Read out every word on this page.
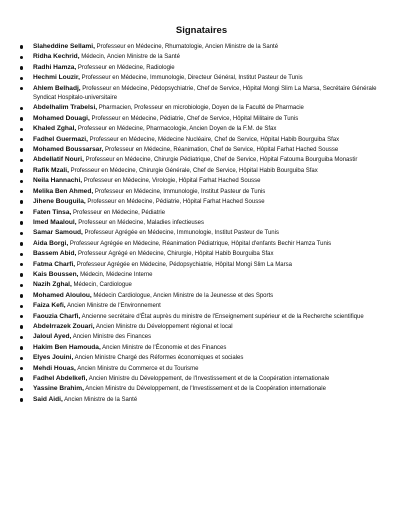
Signataires
Slaheddine Sellami, Professeur en Médecine, Rhumatologie, Ancien Ministre de la Santé
Ridha Kechrid, Médecin, Ancien Ministre de la Santé
Radhi Hamza, Professeur en Médecine, Radiologie
Hechmi Louzir, Professeur en Médecine, Immunologie, Directeur Général, Institut Pasteur de Tunis
Ahlem Belhadj, Professeur en Médecine, Pédopsychiatrie, Chef de Service, Hôpital Mongi Slim La Marsa, Secrétaire Générale Syndicat Hospitalo-universitaire
Abdelhalim Trabelsi, Pharmacien, Professeur en microbiologie, Doyen de la Faculté de Pharmacie
Mohamed Douagi, Professeur en Médecine, Pédiatrie, Chef de Service, Hôpital Militaire de Tunis
Khaled Zghal, Professeur en Médecine, Pharmacologie, Ancien Doyen de la F.M. de Sfax
Fadhel Guermazi, Professeur en Médecine, Médecine Nucléaire, Chef de Service, Hôpital Habib Bourguiba Sfax
Mohamed Boussarsar, Professeur en Médecine, Réanimation, Chef de Service, Hôpital Farhat Hached Sousse
Abdellatif Nouri, Professeur en Médecine, Chirurgie Pédiatrique, Chef de Service, Hôpital Fatouma Bourguiba Monastir
Rafik Mzali, Professeur en Médecine, Chirurgie Générale, Chef de Service, Hôpital Habib Bourguiba Sfax
Neila Hannachi, Professeur en Médecine, Virologie, Hôpital Farhat Hached Sousse
Melika Ben Ahmed, Professeur en Médecine, Immunologie, Institut Pasteur de Tunis
Jihene Bouguila, Professeur en Médecine, Pédiatrie, Hôpital Farhat Hached Sousse
Faten Tinsa, Professeur en Médecine, Pédiatrie
Imed Maaloul, Professeur en Médecine, Maladies infectieuses
Samar Samoud, Professeur Agrégée en Médecine, Immunologie, Institut Pasteur de Tunis
Aida Borgi, Professeur Agrégée en Médecine, Réanimation Pédiatrique, Hôpital d'enfants Bechir Hamza Tunis
Bassem Abid, Professeur Agrégé en Médecine, Chirurgie, Hôpital Habib Bourguiba Sfax
Fatma Charfi, Professeur Agrégée en Médecine, Pédopsychiatrie, Hôpital Mongi Slim La Marsa
Kais Boussen, Médecin, Médecine Interne
Nazih Zghal, Médecin, Cardiologue
Mohamed Aloulou, Médecin Cardiologue, Ancien Ministre de la Jeunesse et des Sports
Faiza Kefi, Ancien Ministre de l'Environnement
Faouzia Charfi, Ancienne secrétaire d'État auprès du ministre de l'Enseignement supérieur et de la Recherche scientifique
Abdelrrazek Zouari, Ancien Ministre du Développement régional et local
Jaloul Ayed, Ancien Ministre des Finances
Hakim Ben Hamouda, Ancien Ministre de l'Économie et des Finances
Elyes Jouini, Ancien Ministre Chargé des Réformes économiques et sociales
Mehdi Houas, Ancien Ministre du Commerce et du Tourisme
Fadhel Abdelkefi, Ancien Ministre du Développement, de l'Investissement et de la Coopération internationale
Yassine Brahim, Ancien Ministre du Développement, de l'Investissement et de la Coopération internationale
Said Aidi, Ancien Ministre de la Santé
